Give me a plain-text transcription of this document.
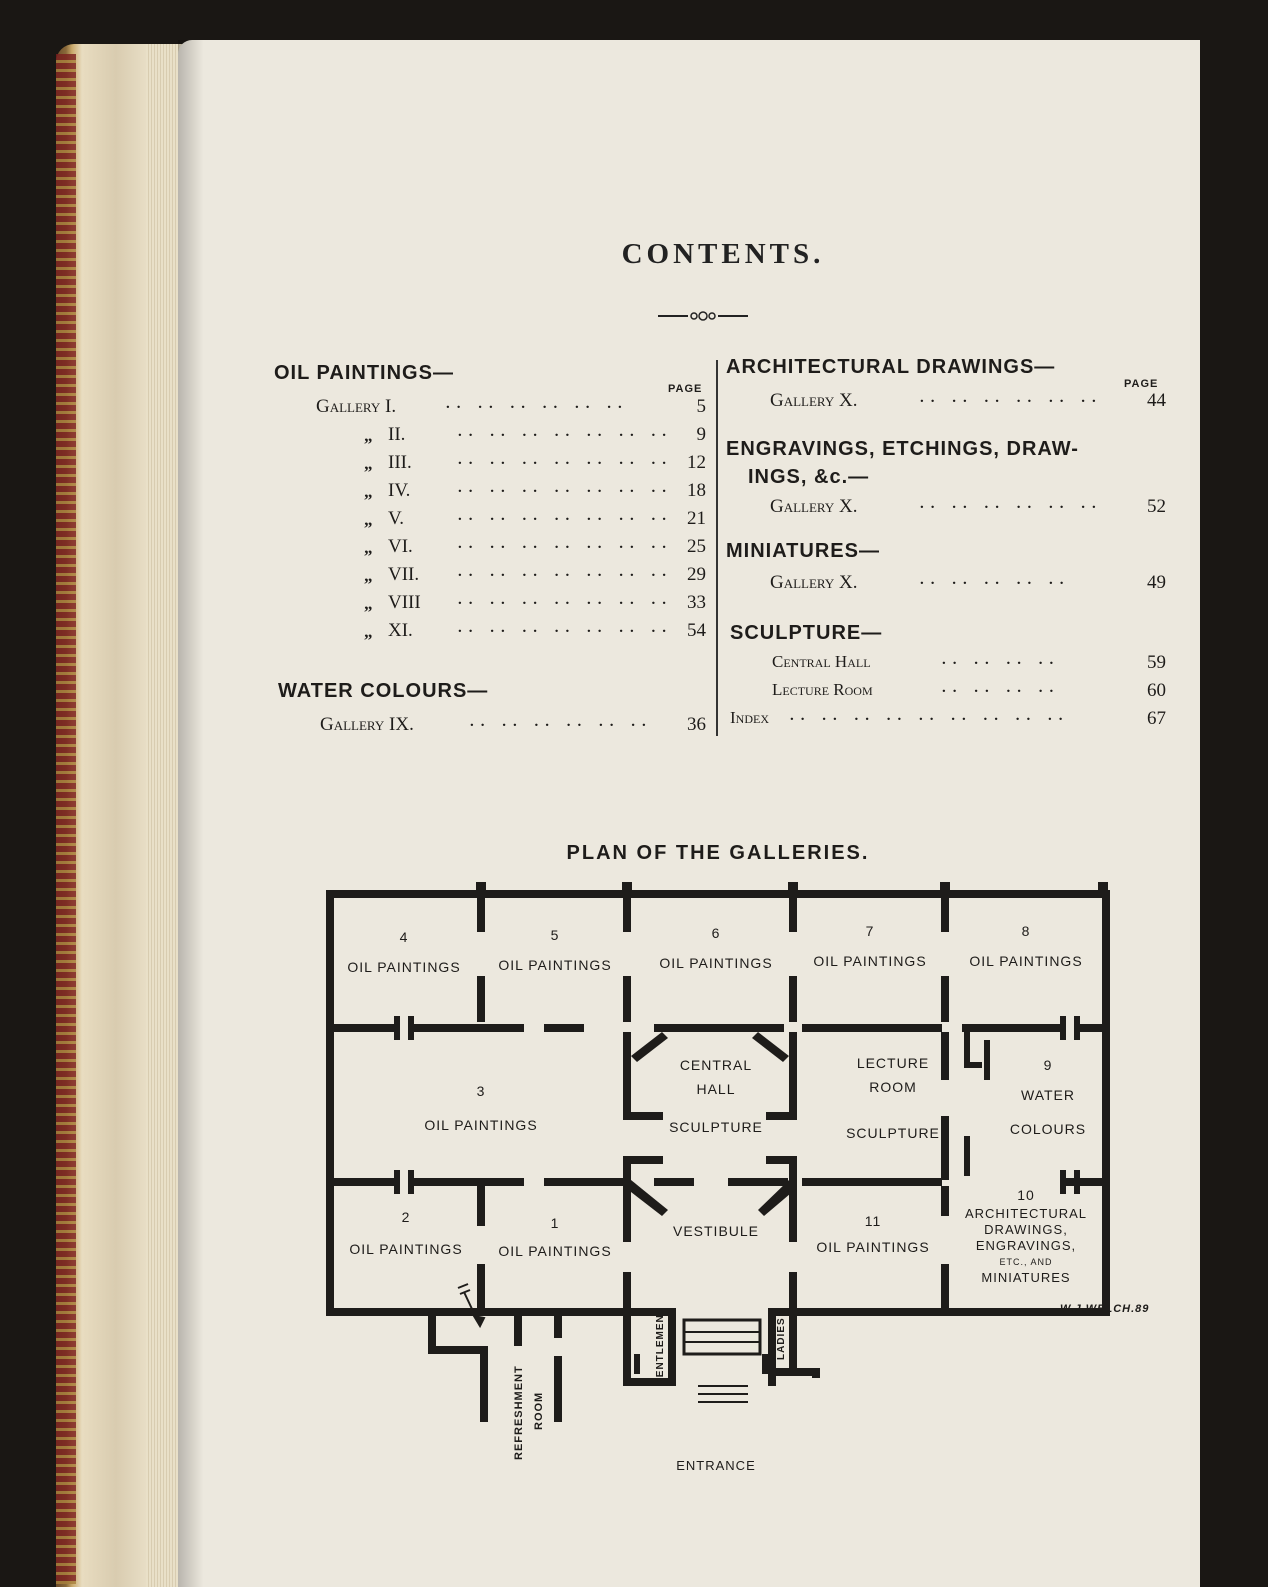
CONTENTS.
OIL PAINTINGS—
PAGE
Gallery I.	.. .. .. .. .. ..	5
„ II.	.. .. .. .. .. .. ..	9
„ III.	.. .. .. .. .. .. .. 12
„ IV.	.. .. .. .. .. .. .. 18
„ V.	.. .. .. .. .. .. .. 21
„ VI.	.. .. .. .. .. .. .. 25
„ VII.	.. .. .. .. .. .. .. 29
„ VIII .. .. .. .. .. .. .. 33
„ XI.	.. .. .. .. .. .. .. 54
WATER COLOURS—
Gallery IX.	.. .. .. .. .. ..	36
ARCHITECTURAL DRAWINGS—
PAGE
Gallery X.	.. .. .. .. .. ..	44
ENGRAVINGS, ETCHINGS, DRAW-
INGS, &c.—
Gallery X.	.. .. .. .. .. ..	52
MINIATURES—
Gallery X.	.. .. .. .. ..	49
SCULPTURE—
Central Hall	.. .. .. ..	59
Lecture Room	.. .. .. ..	60
Index .. .. .. .. .. .. .. .. ..	67
PLAN OF THE GALLERIES.
4
OIL PAINTINGS
5
OIL PAINTINGS
6
OIL PAINTINGS
7
OIL PAINTINGS
8
OIL PAINTINGS
3
OIL PAINTINGS
CENTRAL
HALL
SCULPTURE
LECTURE
ROOM
SCULPTURE
9
WATER
COLOURS
2
OIL PAINTINGS
1
OIL PAINTINGS
VESTIBULE
11
OIL PAINTINGS
10
ARCHITECTURAL
DRAWINGS,
ENGRAVINGS,
ETC., AND
MINIATURES
ENTRANCE
W.J.WELCH.89
REFRESHMENT ROOM
GENTLEMEN	LADIES
